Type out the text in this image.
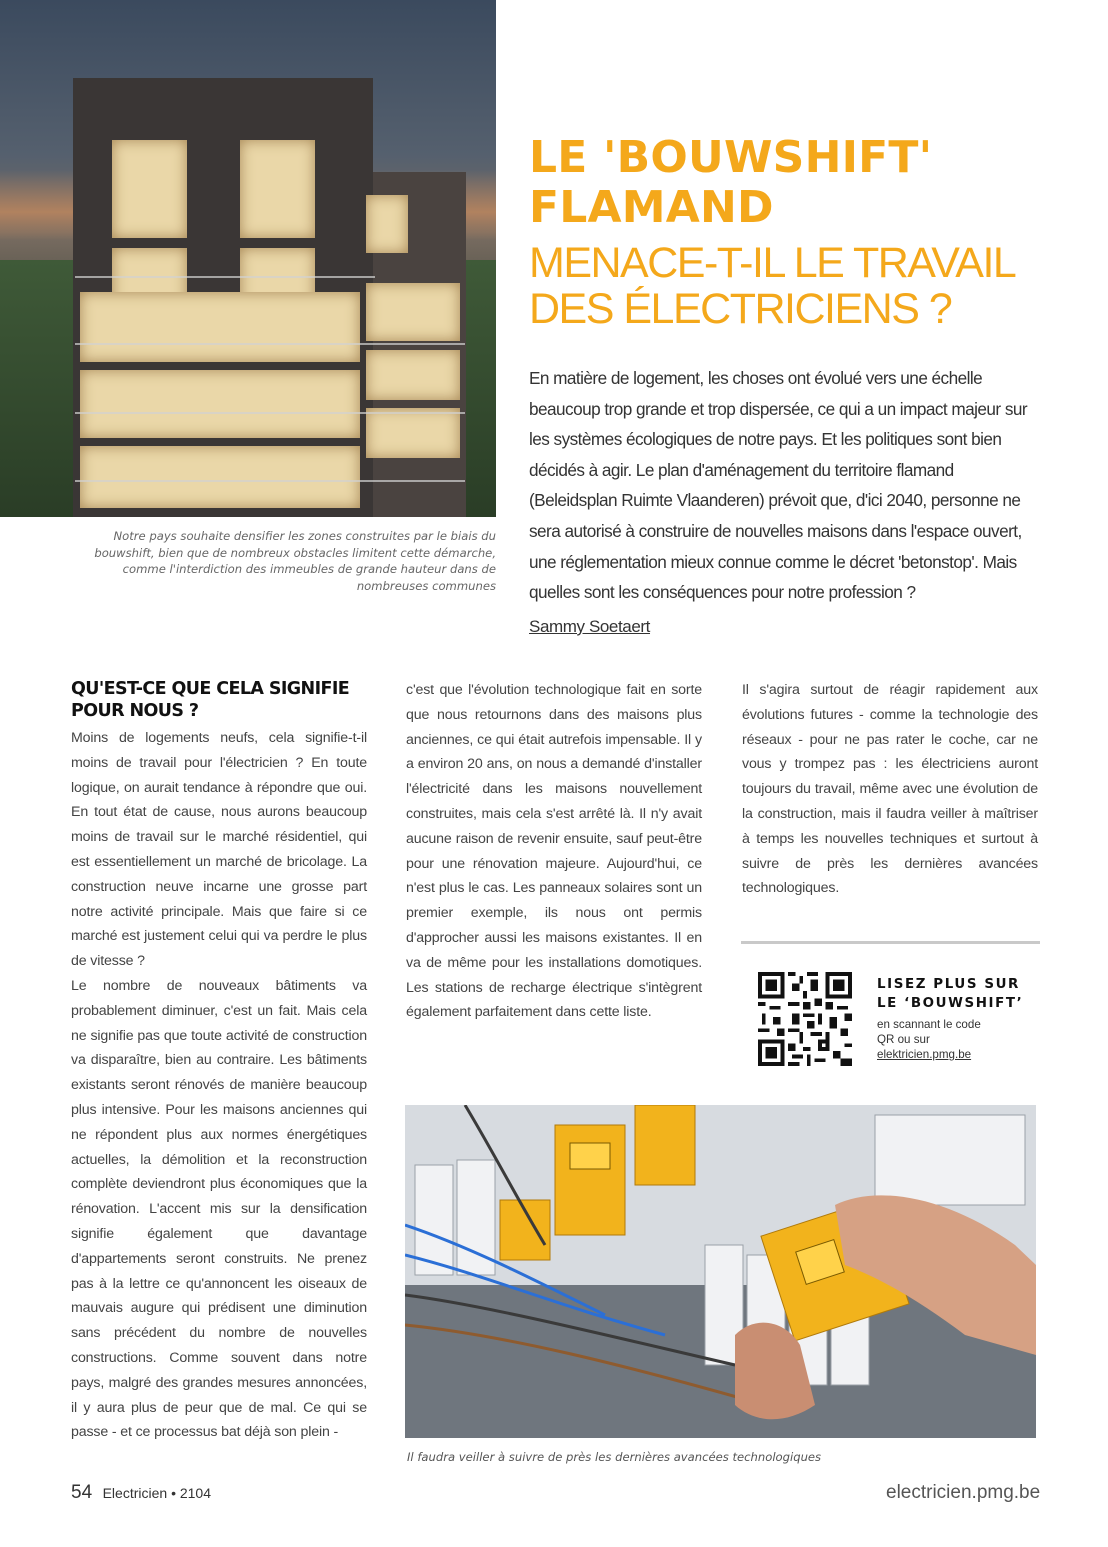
Notre pays souhaite densifier les zones construites par le biais du bouwshift, bien que de nombreux obstacles limitent cette démarche, comme l'interdiction des immeubles de grande hauteur dans de nombreuses communes
LE 'BOUWSHIFT'
FLAMAND
MENACE-T-IL LE TRAVAIL
DES ÉLECTRICIENS ?

En matière de logement, les choses ont évolué vers une échelle beaucoup trop grande et trop dispersée, ce qui a un impact majeur sur les systèmes écologiques de notre pays. Et les politiques sont bien décidés à agir. Le plan d'aménagement du territoire flamand (Beleidsplan Ruimte Vlaanderen) prévoit que, d'ici 2040, personne ne sera autorisé à construire de nouvelles maisons dans l'espace ouvert, une réglementation mieux connue comme le décret 'betonstop'. Mais quelles sont les conséquences pour notre profession ?

Sammy Soetaert
QU'EST-CE QUE CELA SIGNIFIE POUR NOUS ?

Moins de logements neufs, cela signifie-t-il moins de travail pour l'électricien ? En toute logique, on aurait tendance à répondre que oui. En tout état de cause, nous aurons beaucoup moins de travail sur le marché résidentiel, qui est essentiellement un marché de bricolage. La construction neuve incarne une grosse part notre activité principale. Mais que faire si ce marché est justement celui qui va perdre le plus de vitesse ?

Le nombre de nouveaux bâtiments va probablement diminuer, c'est un fait. Mais cela ne signifie pas que toute activité de construction va disparaître, bien au contraire. Les bâtiments existants seront rénovés de manière beaucoup plus intensive. Pour les maisons anciennes qui ne répondent plus aux normes énergétiques actuelles, la démolition et la reconstruction complète deviendront plus économiques que la rénovation. L'accent mis sur la densification signifie également que davantage d'appartements seront construits. Ne prenez pas à la lettre ce qu'annoncent les oiseaux de mauvais augure qui prédisent une diminution sans précédent du nombre de nouvelles constructions. Comme souvent dans notre pays, malgré des grandes mesures annoncées, il y aura plus de peur que de mal. Ce qui se passe - et ce processus bat déjà son plein -

c'est que l'évolution technologique fait en sorte que nous retournons dans des maisons plus anciennes, ce qui était autrefois impensable. Il y a environ 20 ans, on nous a demandé d'installer l'électricité dans les maisons nouvellement construites, mais cela s'est arrêté là. Il n'y avait aucune raison de revenir ensuite, sauf peut-être pour une rénovation majeure. Aujourd'hui, ce n'est plus le cas. Les panneaux solaires sont un premier exemple, ils nous ont permis d'approcher aussi les maisons existantes. Il en va de même pour les installations domotiques. Les stations de recharge électrique s'intègrent également parfaitement dans cette liste.

Il s'agira surtout de réagir rapidement aux évolutions futures - comme la technologie des réseaux - pour ne pas rater le coche, car ne vous y trompez pas : les électriciens auront toujours du travail, même avec une évolution de la construction, mais il faudra veiller à maîtriser à temps les nouvelles techniques et surtout à suivre de près les dernières avancées technologiques.

LISEZ PLUS SUR
LE ‘BOUWSHIFT’
en scannant le code
QR ou sur
elektricien.pmg.be
Il faudra veiller à suivre de près les dernières avancées technologiques
54 Electricien • 2104	electricien.pmg.be
